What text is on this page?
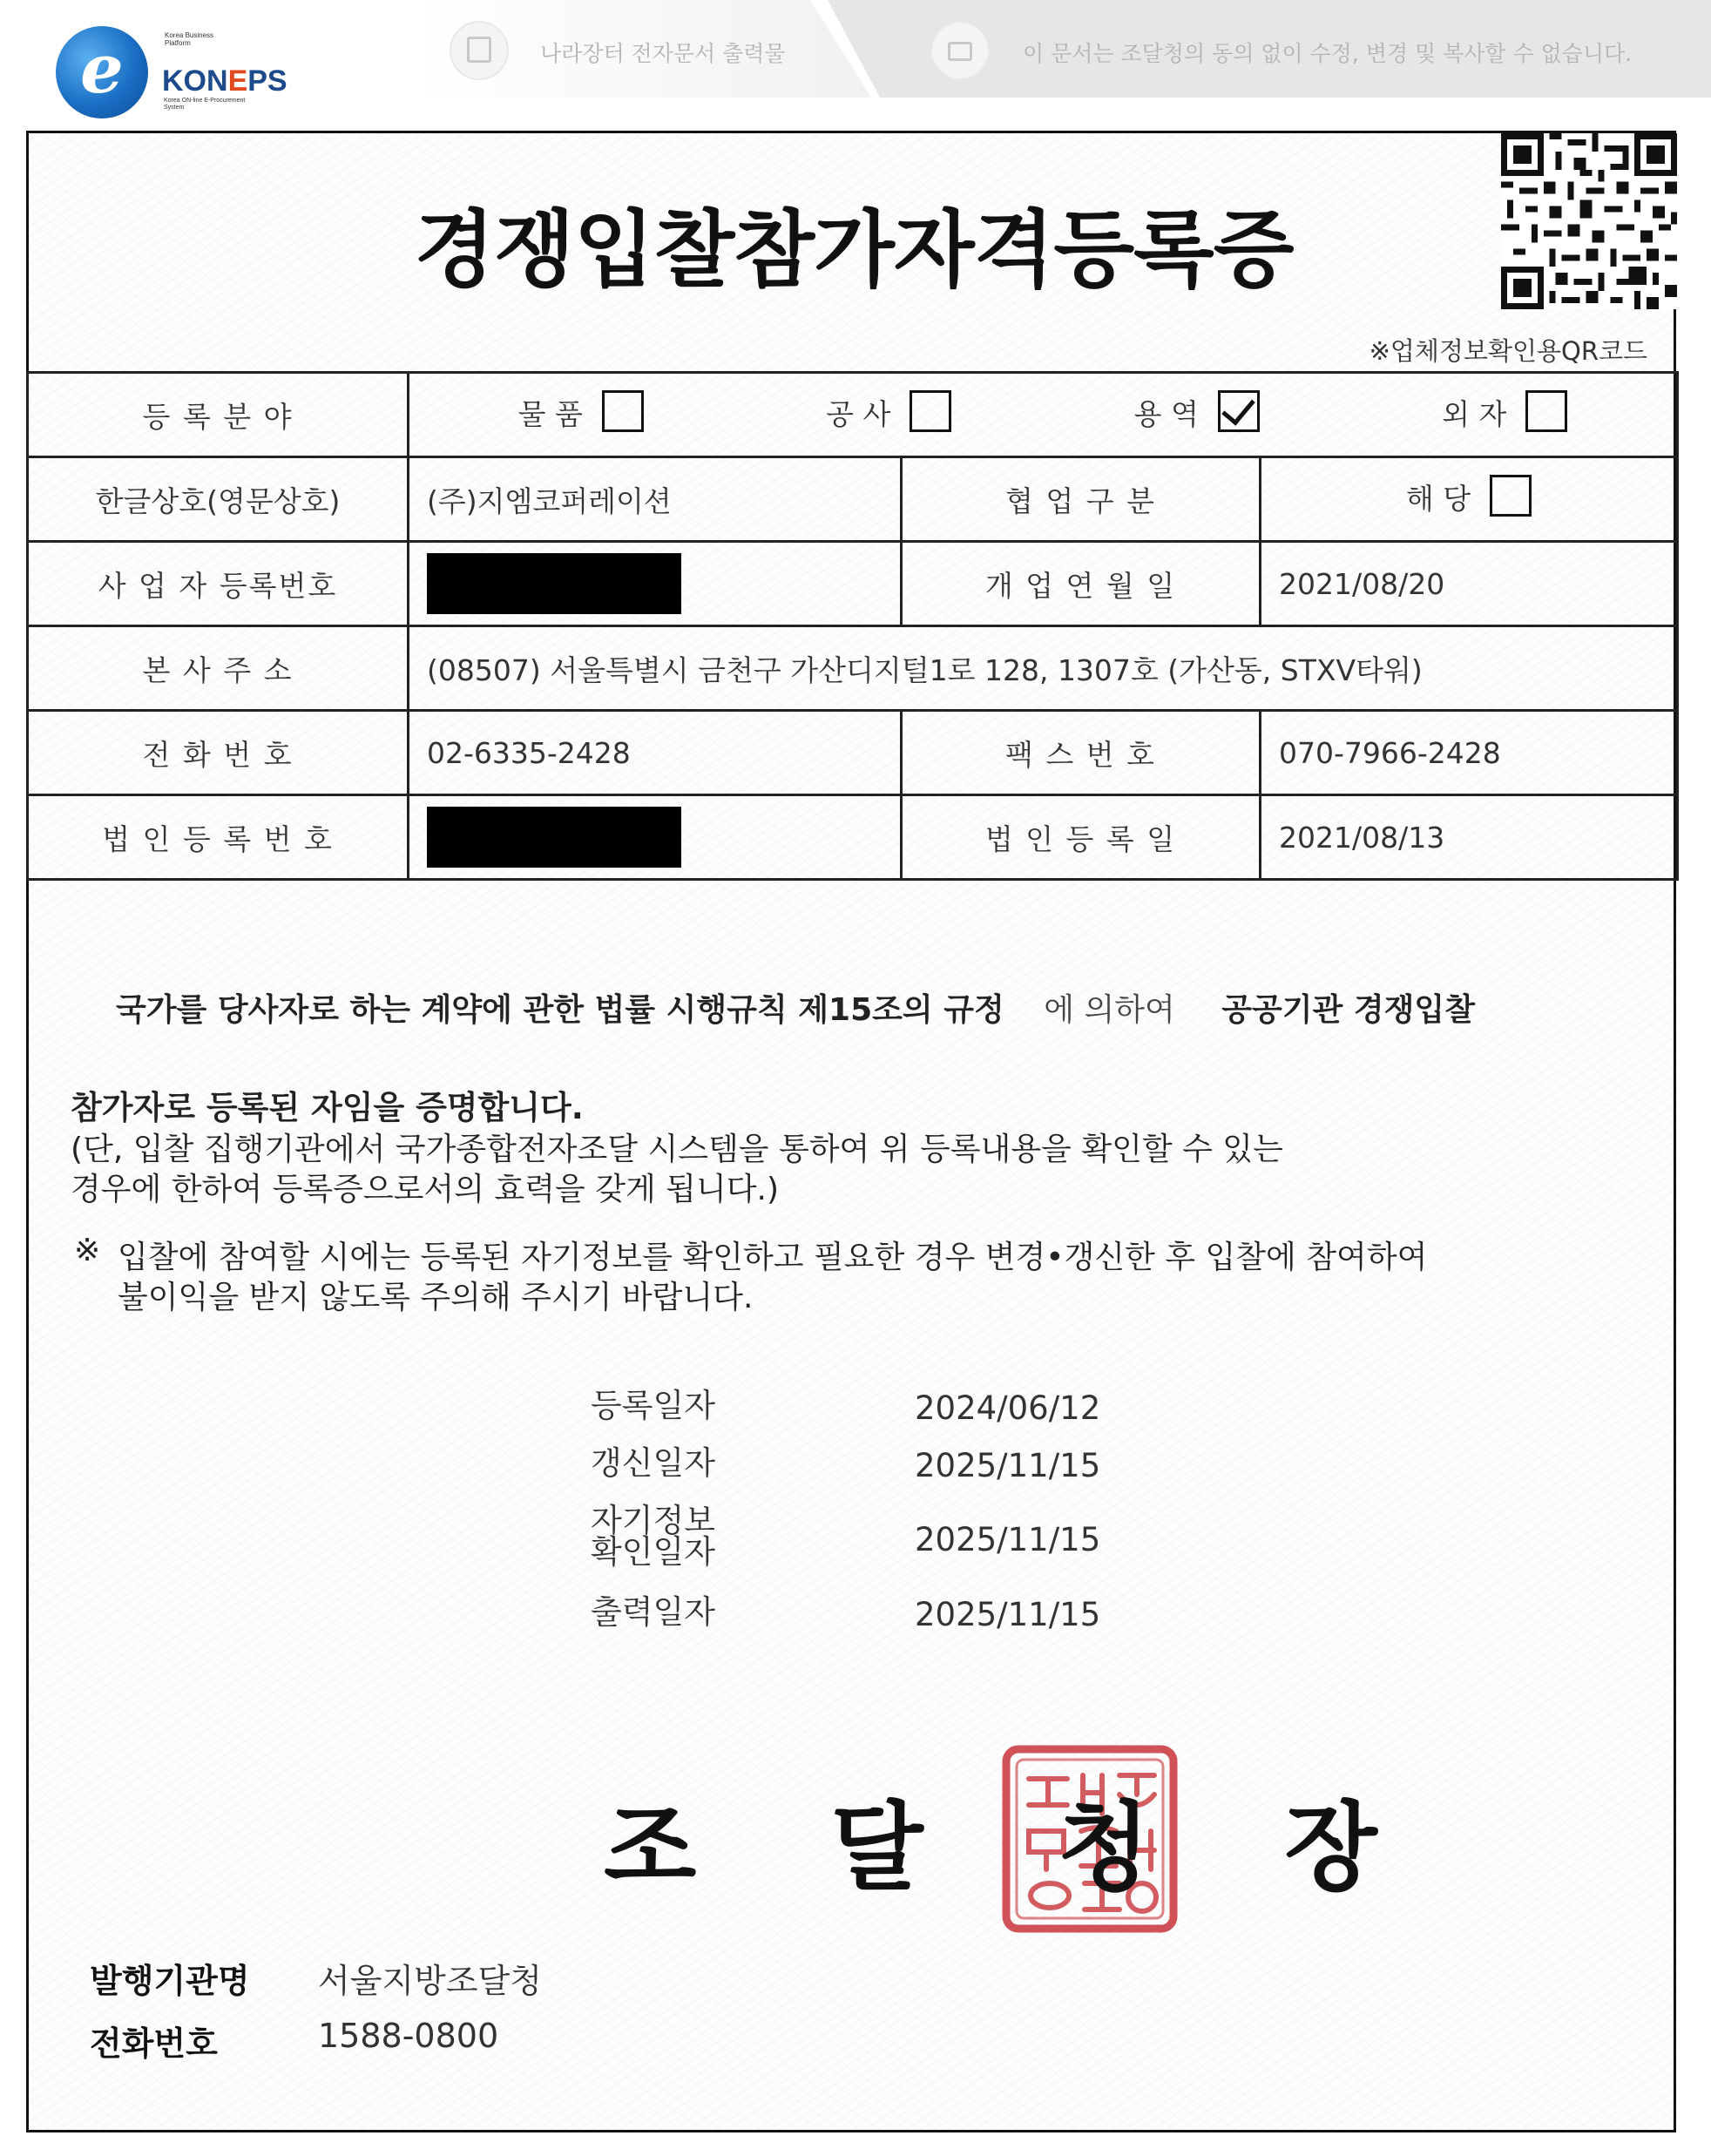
e	Korea Business Platform
KONEPS
Korea ON-line E-Procurement System
나라장터 전자문서 출력물	이 문서는 조달청의 동의 없이 수정, 변경 및 복사할 수 없습니다.
경쟁입찰참가자격등록증
※업체정보확인용QR코드
등 록 분 야	물 품 공 사 용 역 외 자		

한글상호(영문상호)	(주)지엠코퍼레이션	협 업 구 분	해 당
사 업 자 등록번호		개 업 연 월 일	2021/08/20
본 사 주 소	(08507) 서울특별시 금천구 가산디지털1로 128, 1307호 (가산동, STXV타워)		
전 화 번 호	02-6335-2428	팩 스 번 호	070-7966-2428
법 인 등 록 번 호		법 인 등 록 일	2021/08/13
국가를 당사자로 하는 계약에 관한 법률 시행규칙 제15조의 규정 에 의하여 공공기관 경쟁입찰
참가자로 등록된 자임을 증명합니다.
(단, 입찰 집행기관에서 국가종합전자조달 시스템을 통하여 위 등록내용을 확인할 수 있는
경우에 한하여 등록증으로서의 효력을 갖게 됩니다.)
※ 입찰에 참여할 시에는 등록된 자기정보를 확인하고 필요한 경우 변경•갱신한 후 입찰에 참여하여
불이익을 받지 않도록 주의해 주시기 바랍니다.
등록일자	2024/06/12
갱신일자	2025/11/15
자기정보
확인일자	2025/11/15
출력일자	2025/11/15
조 달 청 장
발행기관명 서울지방조달청
전화번호	1588-0800
